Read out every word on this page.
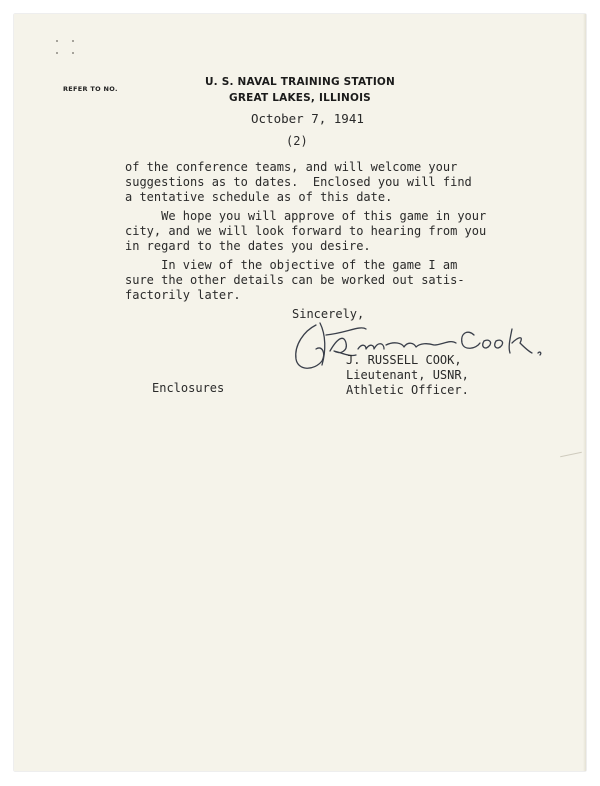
REFER TO NO.
U. S. NAVAL TRAINING STATION
GREAT LAKES, ILLINOIS
October 7, 1941
(2)
of the conference teams, and will welcome your
suggestions as to dates.  Enclosed you will find
a tentative schedule as of this date.
We hope you will approve of this game in your
city, and we will look forward to hearing from you
in regard to the dates you desire.
In view of the objective of the game I am
sure the other details can be worked out satis-
factorily later.
Sincerely,
J. RUSSELL COOK,
Lieutenant, USNR,
Athletic Officer.
Enclosures
